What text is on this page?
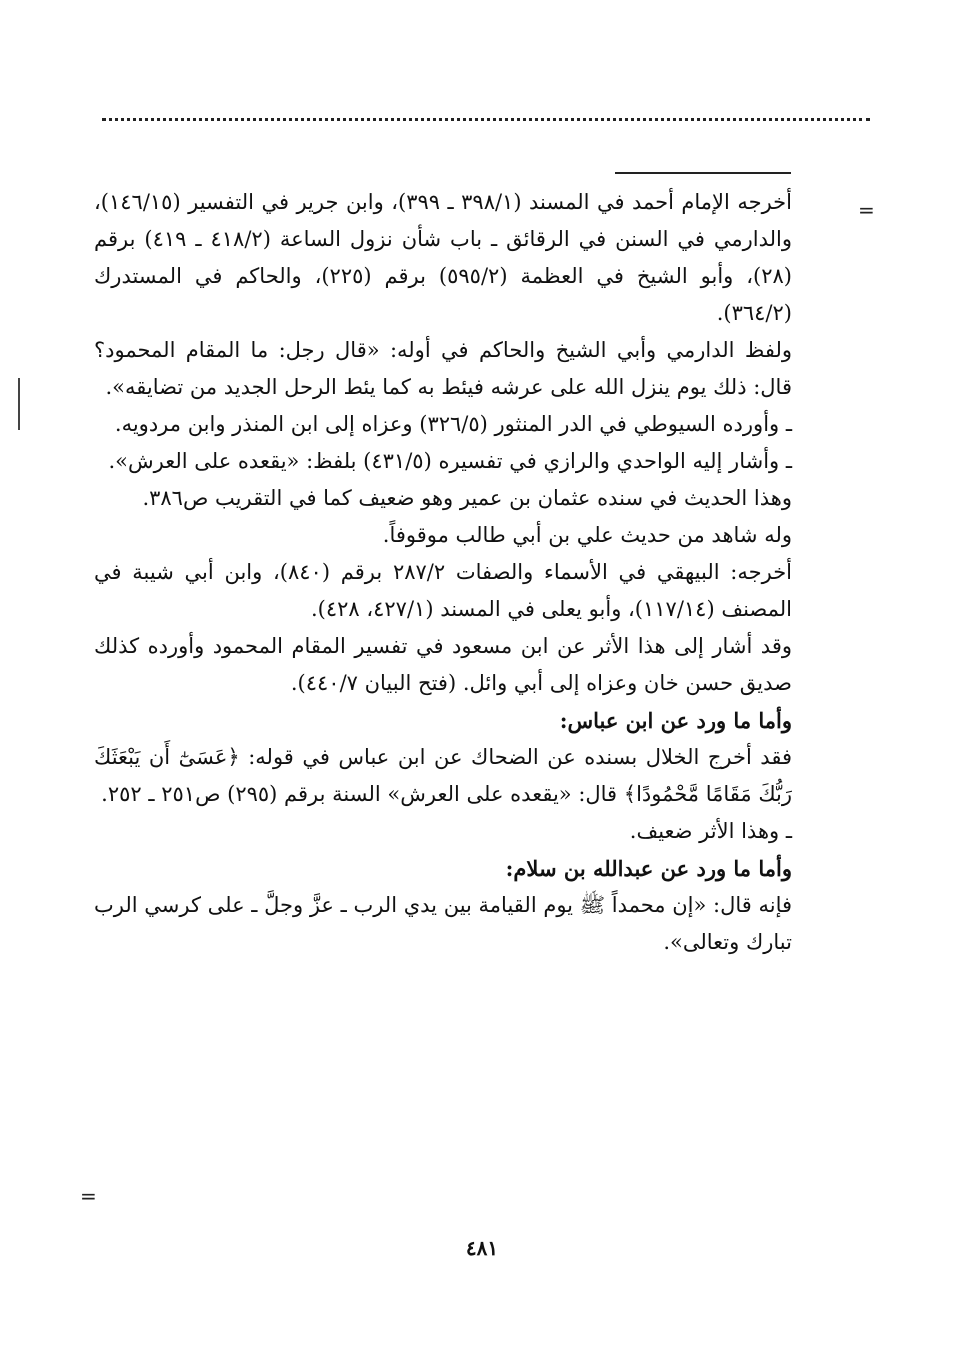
=

أخرجه الإمام أحمد في المسند (٣٩٨/١ ـ ٣٩٩)، وابن جرير في التفسير (١٤٦/١٥)، والدارمي في السنن في الرقائق ـ باب شأن نزول الساعة (٤١٨/٢ ـ ٤١٩) برقم (٢٨)، وأبو الشيخ في العظمة (٥٩٥/٢) برقم (٢٢٥)، والحاكم في المستدرك (٣٦٤/٢).

ولفظ الدارمي وأبي الشيخ والحاكم في أوله: «قال رجل: ما المقام المحمود؟ قال: ذلك يوم ينزل الله على عرشه فيئط به كما يئط الرحل الجديد من تضايقه».

ـ وأورده السيوطي في الدر المنثور (٣٢٦/٥) وعزاه إلى ابن المنذر وابن مردويه.

ـ وأشار إليه الواحدي والرازي في تفسيره (٤٣١/٥) بلفظ: «يقعده على العرش».

وهذا الحديث في سنده عثمان بن عمير وهو ضعيف كما في التقريب ص٣٨٦.

وله شاهد من حديث علي بن أبي طالب موقوفاً.

أخرجه: البيهقي في الأسماء والصفات ٢٨٧/٢ برقم (٨٤٠)، وابن أبي شيبة في المصنف (١١٧/١٤)، وأبو يعلى في المسند (٤٢٧/١، ٤٢٨).

وقد أشار إلى هذا الأثر عن ابن مسعود في تفسير المقام المحمود وأورده كذلك صديق حسن خان وعزاه إلى أبي وائل. (فتح البيان ٤٤٠/٧).

وأما ما ورد عن ابن عباس:

فقد أخرج الخلال بسنده عن الضحاك عن ابن عباس في قوله: ﴿عَسَىٰٓ أَن يَبْعَثَكَ رَبُّكَ مَقَامًا مَّحْمُودًا﴾ قال: «يقعده على العرش» السنة برقم (٢٩٥) ص٢٥١ ـ ٢٥٢.

ـ وهذا الأثر ضعيف.

وأما ما ورد عن عبدالله بن سلام:

فإنه قال: «إن محمداً ﷺ يوم القيامة بين يدي الرب ـ عزَّ وجلَّ ـ على كرسي الرب تبارك وتعالى».

=
٤٨١
